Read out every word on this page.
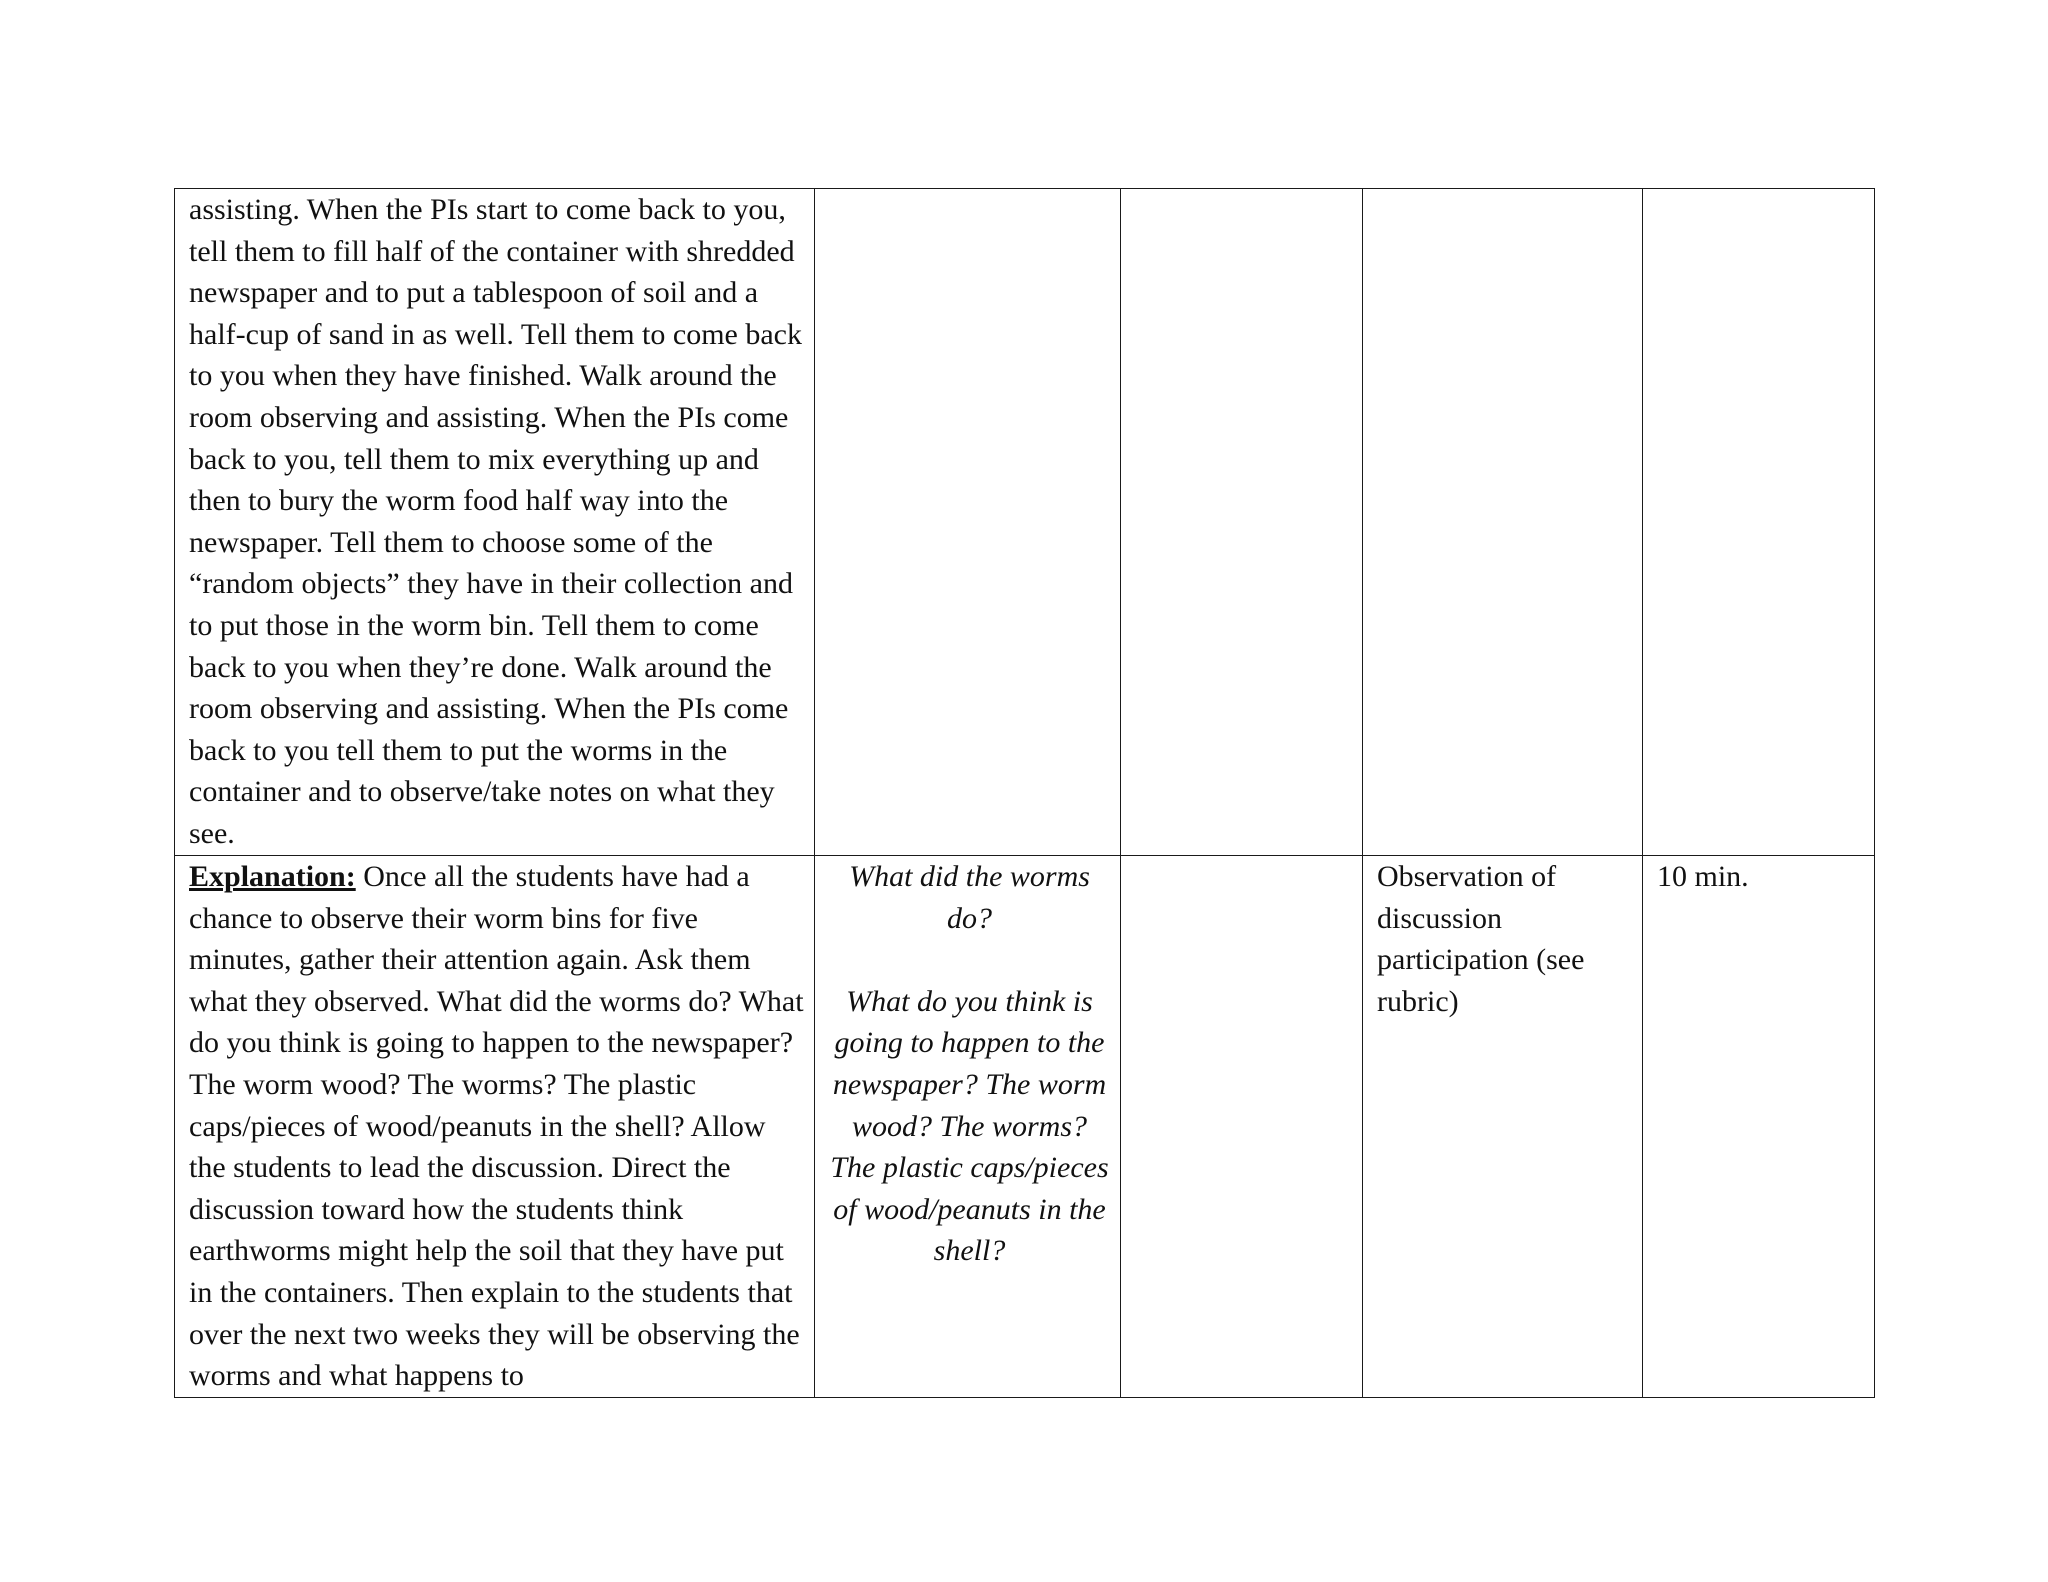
assisting. When the PIs start to come back to you, tell them to fill half of the container with shredded newspaper and to put a tablespoon of soil and a half-cup of sand in as well. Tell them to come back to you when they have finished. Walk around the room observing and assisting. When the PIs come back to you, tell them to mix everything up and then to bury the worm food half way into the newspaper. Tell them to choose some of the “random objects” they have in their collection and to put those in the worm bin. Tell them to come back to you when they’re done. Walk around the room observing and assisting. When the PIs come back to you tell them to put the worms in the container and to observe/take notes on what they see.				

Explanation: Once all the students have had a chance to observe their worm bins for five minutes, gather their attention again. Ask them what they observed. What did the worms do? What do you think is going to happen to the newspaper? The worm wood? The worms? The plastic caps/pieces of wood/peanuts in the shell? Allow the students to lead the discussion. Direct the discussion toward how the students think earthworms might help the soil that they have put in the containers. Then explain to the students that over the next two weeks they will be observing the worms and what happens to	What did the worms do?

What do you think is going to happen to the newspaper? The worm wood? The worms? The plastic caps/pieces of wood/peanuts in the shell?		Observation of discussion participation (see rubric)	10 min.
